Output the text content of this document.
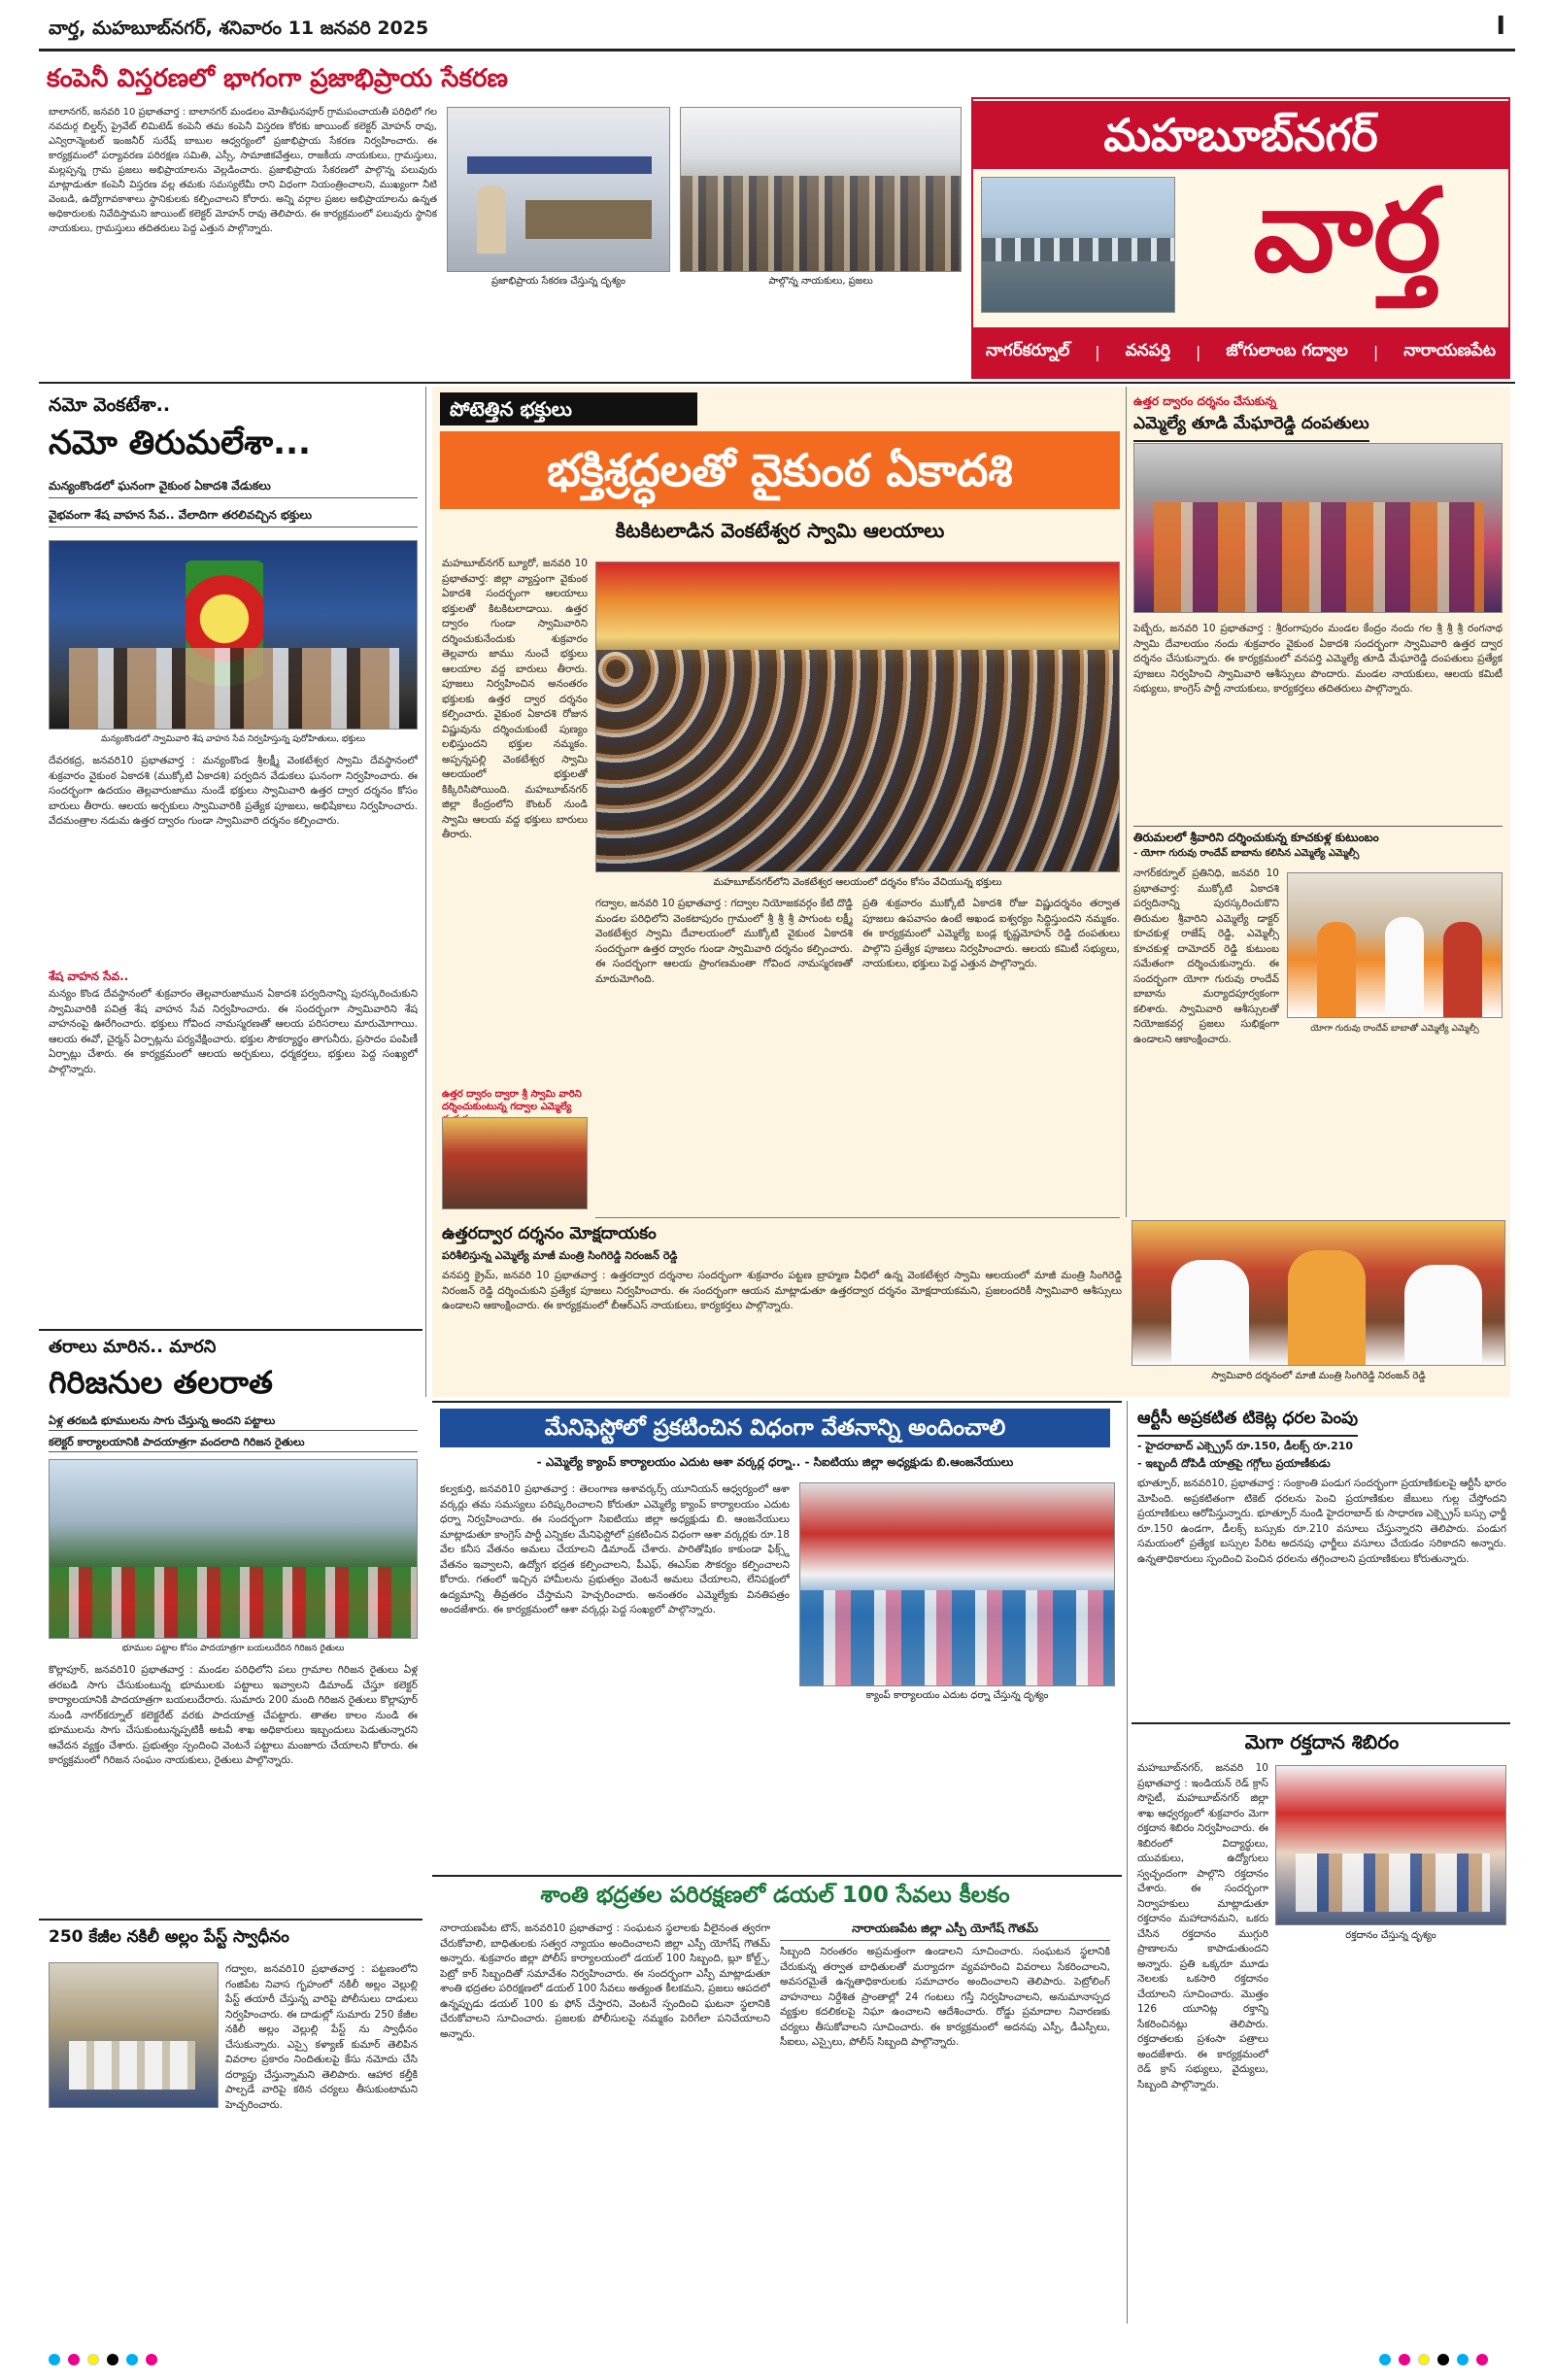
వార్త, మహబూబ్‌నగర్, శనివారం 11 జనవరి 2025	I
కంపెనీ విస్తరణలో భాగంగా ప్రజాభిప్రాయ సేకరణ
బాలానగర్, జనవరి 10 ప్రభాతవార్త : బాలానగర్ మండలం మోతీఘనపూర్ గ్రామపంచాయతీ పరిధిలో గల నవదుర్గ బిల్డర్స్ ప్రైవేట్ లిమిటెడ్ కంపెనీ తమ కంపెనీ విస్తరణ కోరకు జాయింట్ కలెక్టర్ మోహన్ రావు, ఎన్విరాన్మెంటల్ ఇంజనీర్ సురేష్ బాబుల ఆధ్వర్యంలో ప్రజాభిప్రాయ సేకరణ నిర్వహించారు. ఈ కార్యక్రమంలో పర్యావరణ పరిరక్షణ సమితి, ఎస్సీ, సామాజికవేత్తలు, రాజకీయ నాయకులు, గ్రామస్తులు, మల్లప్పన్న గ్రామ ప్రజలు అభిప్రాయాలను వెల్లడించారు. ప్రజాభిప్రాయ సేకరణలో పాల్గొన్న పలువురు మాట్లాడుతూ కంపెనీ విస్తరణ వల్ల తమకు సమస్యలేమీ రాని విధంగా నియంత్రించాలని, ముఖ్యంగా నీటి వెంబడి, ఉద్యోగావకాశాలు స్థానికులకు కల్పించాలని కోరారు. అన్ని వర్గాల ప్రజల అభిప్రాయాలను ఉన్నత అధికారులకు నివేదిస్తామని జాయింట్ కలెక్టర్ మోహన్ రావు తెలిపారు. ఈ కార్యక్రమంలో పలువురు స్థానిక నాయకులు, గ్రామస్తులు తదితరులు పెద్ద ఎత్తున పాల్గొన్నారు.
ప్రజాభిప్రాయ సేకరణ చేస్తున్న దృశ్యం	పాల్గొన్న నాయకులు, ప్రజలు
మహబూబ్‌నగర్
వార్త
నాగర్‌కర్నూల్ | వనపర్తి | జోగులాంబ గద్వాల | నారాయణపేట
నమో వెంకటేశా..
నమో తిరుమలేశా...
మన్యంకొండలో ఘనంగా వైకుంఠ ఏకాదశి వేడుకలు
వైభవంగా శేష వాహన సేవ.. వేలాదిగా తరలివచ్చిన భక్తులు
మన్యంకొండలో స్వామివారి శేష వాహన సేవ నిర్వహిస్తున్న పురోహితులు, భక్తులు
దేవరకద్ర, జనవరి10 ప్రభాతవార్త : మన్యంకొండ శ్రీలక్ష్మీ వెంకటేశ్వర స్వామి దేవస్థానంలో శుక్రవారం వైకుంఠ ఏకాదశి (ముక్కోటి ఏకాదశి) పర్వదిన వేడుకలు ఘనంగా నిర్వహించారు. ఈ సందర్భంగా ఉదయం తెల్లవారుజాము నుండే భక్తులు స్వామివారి ఉత్తర ద్వార దర్శనం కోసం బారులు తీరారు. ఆలయ అర్చకులు స్వామివారికి ప్రత్యేక పూజలు, అభిషేకాలు నిర్వహించారు. వేదమంత్రాల నడుమ ఉత్తర ద్వారం గుండా స్వామివారి దర్శనం కల్పించారు.
శేష వాహన సేవ..
మన్యం కొండ దేవస్థానంలో శుక్రవారం తెల్లవారుజామున ఏకాదశి పర్వదినాన్ని పురస్కరించుకుని స్వామివారికి పవిత్ర శేష వాహన సేవ నిర్వహించారు. ఈ సందర్భంగా స్వామివారిని శేష వాహనంపై ఊరేగించారు. భక్తులు గోవింద నామస్మరణతో ఆలయ పరిసరాలు మారుమోగాయి. ఆలయ ఈవో, చైర్మన్ ఏర్పాట్లను పర్యవేక్షించారు. భక్తుల సౌకర్యార్థం తాగునీరు, ప్రసాదం పంపిణీ ఏర్పాట్లు చేశారు. ఈ కార్యక్రమంలో ఆలయ అర్చకులు, ధర్మకర్తలు, భక్తులు పెద్ద సంఖ్యలో పాల్గొన్నారు.
పోటెత్తిన భక్తులు
భక్తిశ్రద్ధలతో వైకుంఠ ఏకాదశి
కిటకిటలాడిన వెంకటేశ్వర స్వామి ఆలయాలు
మహబూబ్‌నగర్ బ్యూరో, జనవరి 10 ప్రభాతవార్త: జిల్లా వ్యాప్తంగా వైకుంఠ ఏకాదశి సందర్భంగా ఆలయాలు భక్తులతో కిటకిటలాడాయి. ఉత్తర ద్వారం గుండా స్వామివారిని దర్శించుకునేందుకు శుక్రవారం తెల్లవారు జాము నుంచే భక్తులు ఆలయాల వద్ద బారులు తీరారు. పూజలు నిర్వహించిన అనంతరం భక్తులకు ఉత్తర ద్వార దర్శనం కల్పించారు. వైకుంఠ ఏకాదశి రోజున విష్ణువును దర్శించుకుంటే పుణ్యం లభిస్తుందని భక్తుల నమ్మకం. అప్పన్నపల్లి వెంకటేశ్వర స్వామి ఆలయంలో భక్తులతో కిక్కిరిసిపోయింది. మహబూబ్‌నగర్ జిల్లా కేంద్రంలోని కౌంటర్ నుండి స్వామి ఆలయ వద్ద భక్తులు బారులు తీరారు.
మహబూబ్‌నగర్‌లోని వెంకటేశ్వర ఆలయంలో దర్శనం కోసం వేచియున్న భక్తులు
గద్వాల, జనవరి 10 ప్రభాతవార్త : గద్వాల నియోజకవర్గం కేటి దొడ్డి మండల పరిధిలోని వెంకటాపురం గ్రామంలో శ్రీ శ్రీ శ్రీ పాగుంట లక్ష్మీ వెంకటేశ్వర స్వామి దేవాలయంలో ముక్కోటి వైకుంఠ ఏకాదశి సందర్భంగా ఉత్తర ద్వారం గుండా స్వామివారి దర్శనం కల్పించారు. ఈ సందర్భంగా ఆలయ ప్రాంగణమంతా గోవింద నామస్మరణతో మారుమోగింది.
ప్రతి శుక్రవారం ముక్కోటి ఏకాదశి రోజు విష్ణుదర్శనం తర్వాత పూజలు ఉపవాసం ఉంటే అఖండ ఐశ్వర్యం సిద్ధిస్తుందని నమ్మకం. ఈ కార్యక్రమంలో ఎమ్మెల్యే బండ్ల కృష్ణమోహన్ రెడ్డి దంపతులు పాల్గొని ప్రత్యేక పూజలు నిర్వహించారు. ఆలయ కమిటీ సభ్యులు, నాయకులు, భక్తులు పెద్ద ఎత్తున పాల్గొన్నారు.
ఉత్తర ద్వారం ద్వారా శ్రీ స్వామి వారిని దర్శించుకుంటున్న గద్వాల ఎమ్మెల్యే
ఉత్తరద్వార దర్శనం మోక్షదాయకం
పరిశీలిస్తున్న ఎమ్మెల్యే మాజీ మంత్రి సింగిరెడ్డి నిరంజన్ రెడ్డి
వనపర్తి క్రైమ్, జనవరి 10 ప్రభాతవార్త : ఉత్తరద్వార దర్శనాల సందర్భంగా శుక్రవారం పట్టణ బ్రాహ్మణ వీధిలో ఉన్న వెంకటేశ్వర స్వామి ఆలయంలో మాజీ మంత్రి సింగిరెడ్డి నిరంజన్ రెడ్డి దర్శించుకుని ప్రత్యేక పూజలు నిర్వహించారు. ఈ సందర్భంగా ఆయన మాట్లాడుతూ ఉత్తరద్వార దర్శనం మోక్షదాయకమని, ప్రజలందరికీ స్వామివారి ఆశీస్సులు ఉండాలని ఆకాంక్షించారు. ఈ కార్యక్రమంలో బీఆర్ఎస్ నాయకులు, కార్యకర్తలు పాల్గొన్నారు.
స్వామివారి దర్శనంలో మాజీ మంత్రి సింగిరెడ్డి నిరంజన్ రెడ్డి
ఉత్తర ద్వారం దర్శనం చేసుకున్న
ఎమ్మెల్యే తూడి మేఘారెడ్డి దంపతులు
పెబ్బేరు, జనవరి 10 ప్రభాతవార్త : శ్రీరంగాపురం మండల కేంద్రం నందు గల శ్రీ శ్రీ శ్రీ రంగనాథ స్వామి దేవాలయం నందు శుక్రవారం వైకుంఠ ఏకాదశి సందర్భంగా స్వామివారి ఉత్తర ద్వార దర్శనం చేసుకున్నారు. ఈ కార్యక్రమంలో వనపర్తి ఎమ్మెల్యే తూడి మేఘారెడ్డి దంపతులు ప్రత్యేక పూజలు నిర్వహించి స్వామివారి ఆశీస్సులు పొందారు. మండల నాయకులు, ఆలయ కమిటీ సభ్యులు, కాంగ్రెస్ పార్టీ నాయకులు, కార్యకర్తలు తదితరులు పాల్గొన్నారు.
తిరుమలలో శ్రీవారిని దర్శించుకున్న కూచకుళ్ల కుటుంబం
- యోగా గురువు రాందేవ్ బాబాను కలిసిన ఎమ్మెల్యే ఎమ్మెల్సీ
నాగర్‌కర్నూల్ ప్రతినిధి, జనవరి 10 ప్రభాతవార్త: ముక్కోటి ఏకాదశి పర్వదినాన్ని పురస్కరించుకొని తిరుమల శ్రీవారిని ఎమ్మెల్యే డాక్టర్ కూచకుళ్ల రాజేష్ రెడ్డి, ఎమ్మెల్సీ కూచకుళ్ల దామోదర్ రెడ్డి కుటుంబ సమేతంగా దర్శించుకున్నారు. ఈ సందర్భంగా యోగా గురువు రాందేవ్ బాబాను మర్యాదపూర్వకంగా కలిశారు. స్వామివారి ఆశీస్సులతో నియోజకవర్గ ప్రజలు సుభిక్షంగా ఉండాలని ఆకాంక్షించారు.
యోగా గురువు రాందేవ్ బాబాతో ఎమ్మెల్యే ఎమ్మెల్సీ
తరాలు మారిన.. మారని
గిరిజనుల తలరాత
ఏళ్ల తరబడి భూములను సాగు చేస్తున్న అందని పట్టాలు
కలెక్టర్ కార్యాలయానికి పాదయాత్రగా వందలాది గిరిజన రైతులు
భూముల పట్టాల కోసం పాదయాత్రగా బయలుదేరిన గిరిజన రైతులు
కొల్లాపూర్, జనవరి10 ప్రభాతవార్త : మండల పరిధిలోని పలు గ్రామాల గిరిజన రైతులు ఏళ్ల తరబడి సాగు చేసుకుంటున్న భూములకు పట్టాలు ఇవ్వాలని డిమాండ్ చేస్తూ కలెక్టర్ కార్యాలయానికి పాదయాత్రగా బయలుదేరారు. సుమారు 200 మంది గిరిజన రైతులు కొల్లాపూర్ నుండి నాగర్‌కర్నూల్ కలెక్టరేట్ వరకు పాదయాత్ర చేపట్టారు. తాతల కాలం నుండి ఈ భూములను సాగు చేసుకుంటున్నప్పటికీ అటవీ శాఖ అధికారులు ఇబ్బందులు పెడుతున్నారని ఆవేదన వ్యక్తం చేశారు. ప్రభుత్వం స్పందించి వెంటనే పట్టాలు మంజూరు చేయాలని కోరారు. ఈ కార్యక్రమంలో గిరిజన సంఘం నాయకులు, రైతులు పాల్గొన్నారు.
250 కేజీల నకిలీ అల్లం పేస్ట్ స్వాధీనం
గద్వాల, జనవరి10 ప్రభాతవార్త : పట్టణంలోని గంజిపేట నివాస గృహంలో నకిలీ అల్లం వెల్లుల్లి పేస్ట్ తయారీ చేస్తున్న వారిపై పోలీసులు దాడులు నిర్వహించారు. ఈ దాడుల్లో సుమారు 250 కేజీల నకిలీ అల్లం వెల్లుల్లి పేస్ట్ ను స్వాధీనం చేసుకున్నారు. ఎస్సై కళ్యాణ్ కుమార్ తెలిపిన వివరాల ప్రకారం నిందితులపై కేసు నమోదు చేసి దర్యాప్తు చేస్తున్నామని తెలిపారు. ఆహార కల్తీకి పాల్పడే వారిపై కఠిన చర్యలు తీసుకుంటామని హెచ్చరించారు.
మేనిఫెస్టోలో ప్రకటించిన విధంగా వేతనాన్ని అందించాలి
- ఎమ్మెల్యే క్యాంప్ కార్యాలయం ఎదుట ఆశా వర్కర్ల ధర్నా.. - సిఐటియు జిల్లా అధ్యక్షుడు బి.ఆంజనేయులు
కల్వకుర్తి, జనవరి10 ప్రభాతవార్త : తెలంగాణ ఆశావర్కర్స్ యూనియన్ ఆధ్వర్యంలో ఆశా వర్కర్లు తమ సమస్యలు పరిష్కరించాలని కోరుతూ ఎమ్మెల్యే క్యాంప్ కార్యాలయం ఎదుట ధర్నా నిర్వహించారు. ఈ సందర్భంగా సిఐటియు జిల్లా అధ్యక్షుడు బి. ఆంజనేయులు మాట్లాడుతూ కాంగ్రెస్ పార్టీ ఎన్నికల మేనిఫెస్టోలో ప్రకటించిన విధంగా ఆశా వర్కర్లకు రూ.18 వేల కనీస వేతనం అమలు చేయాలని డిమాండ్ చేశారు. పారితోషికం కాకుండా ఫిక్స్డ్ వేతనం ఇవ్వాలని, ఉద్యోగ భద్రత కల్పించాలని, పీఎఫ్, ఈఎస్ఐ సౌకర్యం కల్పించాలని కోరారు. గతంలో ఇచ్చిన హామీలను ప్రభుత్వం వెంటనే అమలు చేయాలని, లేనిపక్షంలో ఉద్యమాన్ని తీవ్రతరం చేస్తామని హెచ్చరించారు. అనంతరం ఎమ్మెల్యేకు వినతిపత్రం అందజేశారు. ఈ కార్యక్రమంలో ఆశా వర్కర్లు పెద్ద సంఖ్యలో పాల్గొన్నారు.
క్యాంప్ కార్యాలయం ఎదుట ధర్నా చేస్తున్న దృశ్యం
శాంతి భద్రతల పరిరక్షణలో డయల్ 100 సేవలు కీలకం
నారాయణపేట టౌన్, జనవరి10 ప్రభాతవార్త : సంఘటన స్థలాలకు వీలైనంత త్వరగా చేరుకోవాలి, బాధితులకు సత్వర న్యాయం అందించాలని జిల్లా ఎస్పీ యోగేష్ గౌతమ్ అన్నారు. శుక్రవారం జిల్లా పోలీస్ కార్యాలయంలో డయల్ 100 సిబ్బంది, బ్లూ కోల్ట్స్, పెట్రో కార్ సిబ్బందితో సమావేశం నిర్వహించారు. ఈ సందర్భంగా ఎస్పీ మాట్లాడుతూ శాంతి భద్రతల పరిరక్షణలో డయల్ 100 సేవలు అత్యంత కీలకమని, ప్రజలు ఆపదలో ఉన్నప్పుడు డయల్ 100 కు ఫోన్ చేస్తారని, వెంటనే స్పందించి ఘటనా స్థలానికి చేరుకోవాలని సూచించారు. ప్రజలకు పోలీసులపై నమ్మకం పెరిగేలా పనిచేయాలని అన్నారు.
నారాయణపేట జిల్లా ఎస్పీ యోగేష్ గౌతమ్
సిబ్బంది నిరంతరం అప్రమత్తంగా ఉండాలని సూచించారు. సంఘటన స్థలానికి చేరుకున్న తర్వాత బాధితులతో మర్యాదగా వ్యవహరించి వివరాలు సేకరించాలని, అవసరమైతే ఉన్నతాధికారులకు సమాచారం అందించాలని తెలిపారు. పెట్రోలింగ్ వాహనాలు నిర్దేశిత ప్రాంతాల్లో 24 గంటలు గస్తీ నిర్వహించాలని, అనుమానాస్పద వ్యక్తుల కదలికలపై నిఘా ఉంచాలని ఆదేశించారు. రోడ్డు ప్రమాదాల నివారణకు చర్యలు తీసుకోవాలని సూచించారు. ఈ కార్యక్రమంలో అదనపు ఎస్పీ, డీఎస్పీలు, సీఐలు, ఎస్సైలు, పోలీస్ సిబ్బంది పాల్గొన్నారు.
ఆర్టీసీ అప్రకటిత టికెట్ల ధరల పెంపు
- హైదరాబాద్ ఎక్స్ప్రెస్ రూ.150, డీలక్స్ రూ.210
- ఇబ్బందీ దోపిడీ యాత్రపై గగ్గోలు ప్రయాణీకుడు
భూత్పూర్, జనవరి10, ప్రభాతవార్త : సంక్రాంతి పండుగ సందర్భంగా ప్రయాణికులపై ఆర్టీసీ భారం మోపింది. అప్రకటితంగా టికెట్ ధరలను పెంచి ప్రయాణికుల జేబులు గుల్ల చేస్తోందని ప్రయాణికులు ఆరోపిస్తున్నారు. భూత్పూర్ నుండి హైదరాబాద్ కు సాధారణ ఎక్స్ప్రెస్ బస్సు ఛార్జీ రూ.150 ఉండగా, డీలక్స్ బస్సుకు రూ.210 వసూలు చేస్తున్నారని తెలిపారు. పండుగ సమయంలో ప్రత్యేక బస్సుల పేరిట అదనపు ఛార్జీలు వసూలు చేయడం సరికాదని అన్నారు. ఉన్నతాధికారులు స్పందించి పెంచిన ధరలను తగ్గించాలని ప్రయాణికులు కోరుతున్నారు.
మెగా రక్తదాన శిబిరం
మహబూబ్‌నగర్, జనవరి 10 ప్రభాతవార్త : ఇండియన్ రెడ్ క్రాస్ సొసైటీ, మహబూబ్‌నగర్ జిల్లా శాఖ ఆధ్వర్యంలో శుక్రవారం మెగా రక్తదాన శిబిరం నిర్వహించారు. ఈ శిబిరంలో విద్యార్థులు, యువకులు, ఉద్యోగులు స్వచ్ఛందంగా పాల్గొని రక్తదానం చేశారు. ఈ సందర్భంగా నిర్వాహకులు మాట్లాడుతూ రక్తదానం మహాదానమని, ఒకరు చేసిన రక్తదానం ముగ్గురి ప్రాణాలను కాపాడుతుందని అన్నారు. ప్రతి ఒక్కరూ మూడు నెలలకు ఒకసారి రక్తదానం చేయాలని సూచించారు. మొత్తం 126 యూనిట్ల రక్తాన్ని సేకరించినట్లు తెలిపారు. రక్తదాతలకు ప్రశంసా పత్రాలు అందజేశారు. ఈ కార్యక్రమంలో రెడ్ క్రాస్ సభ్యులు, వైద్యులు, సిబ్బంది పాల్గొన్నారు.
రక్తదానం చేస్తున్న దృశ్యం
